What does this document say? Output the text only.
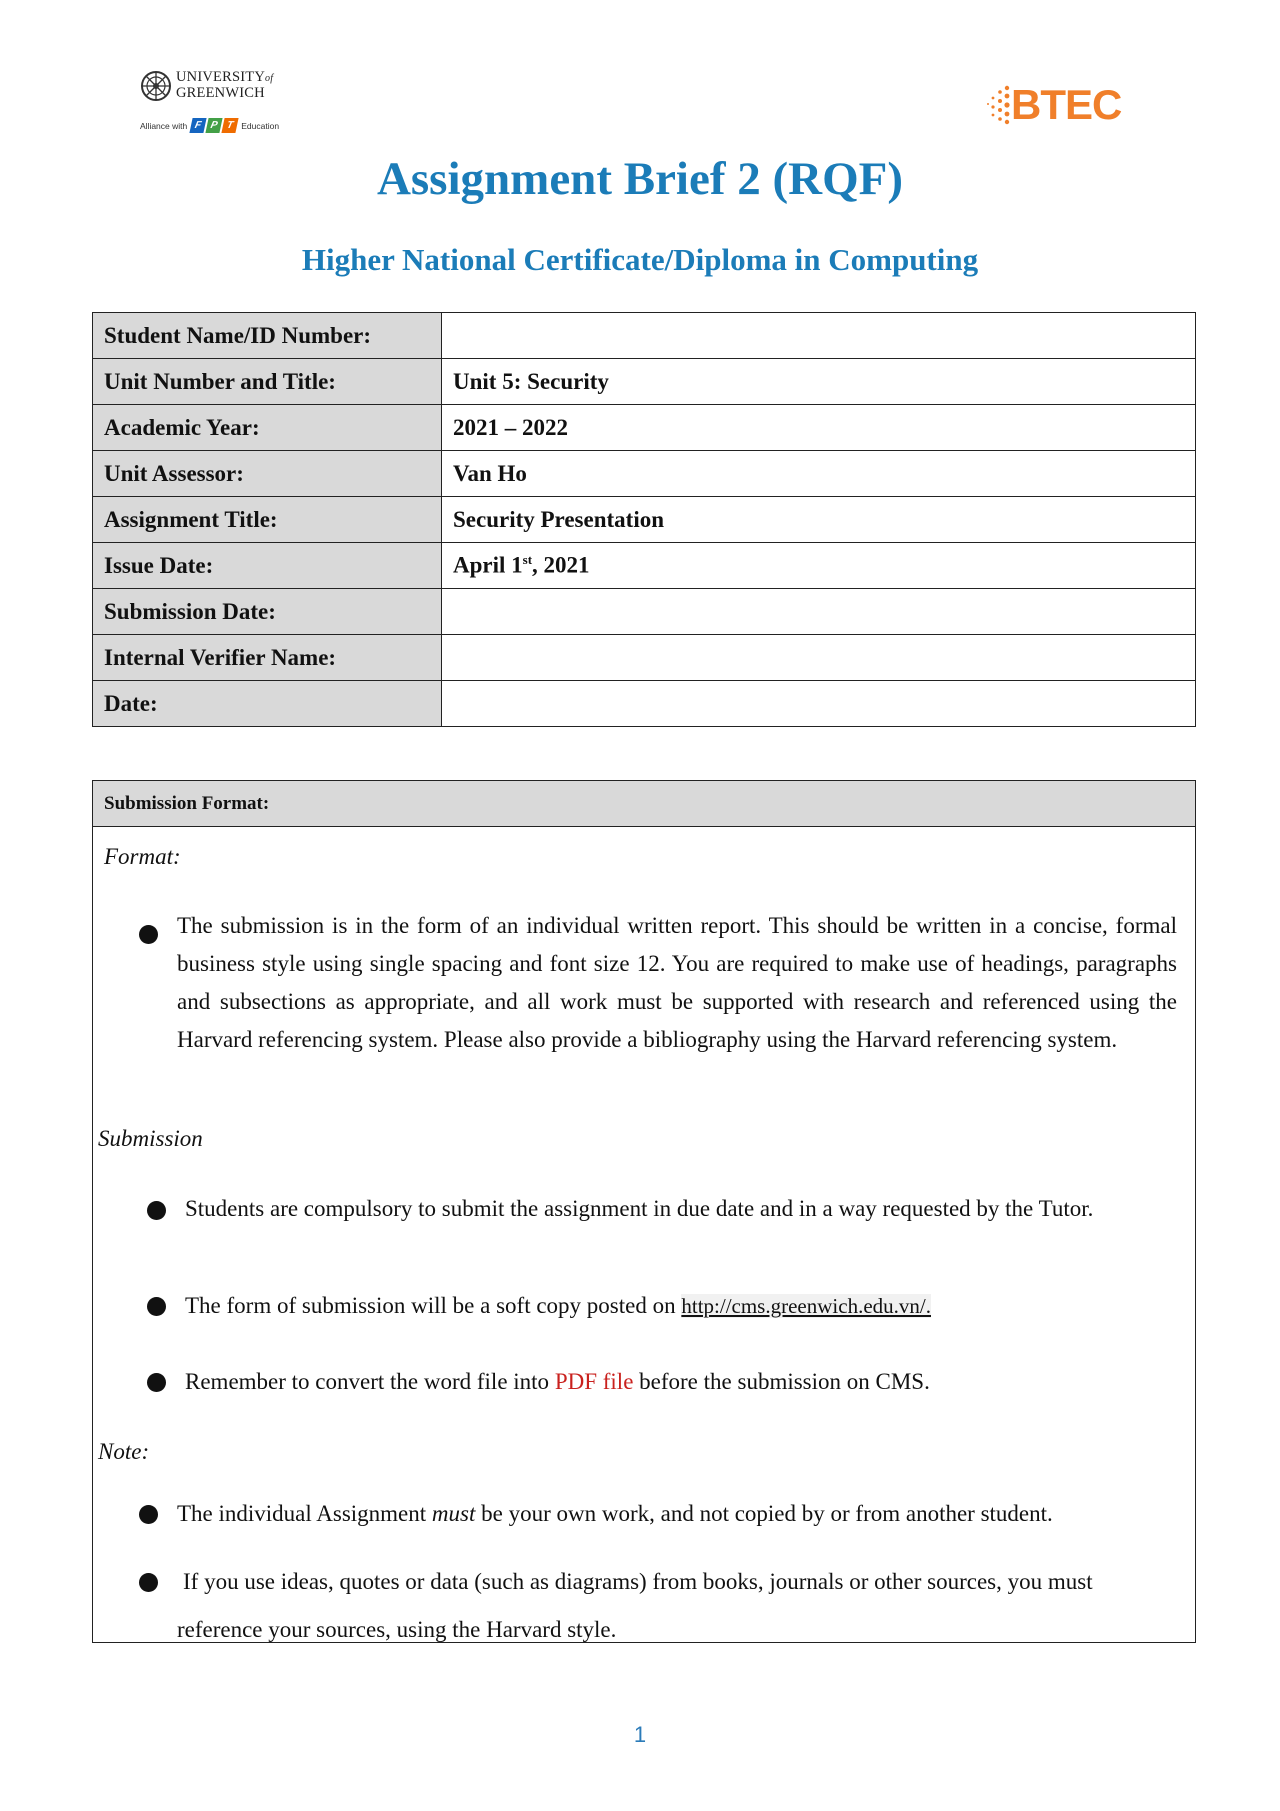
UNIVERSITYof
GREENWICH
Alliance with F P T Education	BTEC
Assignment Brief 2 (RQF)
Higher National Certificate/Diploma in Computing
Student Name/ID Number:	
Unit Number and Title:	Unit 5: Security
Academic Year:	2021 – 2022
Unit Assessor:	Van Ho
Assignment Title:	Security Presentation
Issue Date:	April 1st, 2021
Submission Date:	
Internal Verifier Name:	
Date:	
Submission Format:
Format:

The submission is in the form of an individual written report. This should be written in a concise, formal business style using single spacing and font size 12. You are required to make use of headings, paragraphs and subsections as appropriate, and all work must be supported with research and referenced using the Harvard referencing system. Please also provide a bibliography using the Harvard referencing system.

Submission

Students are compulsory to submit the assignment in due date and in a way requested by the Tutor.

The form of submission will be a soft copy posted on http://cms.greenwich.edu.vn/.

Remember to convert the word file into PDF file before the submission on CMS.

Note:

The individual Assignment must be your own work, and not copied by or from another student.

If you use ideas, quotes or data (such as diagrams) from books, journals or other sources, you must reference your sources, using the Harvard style.

1
